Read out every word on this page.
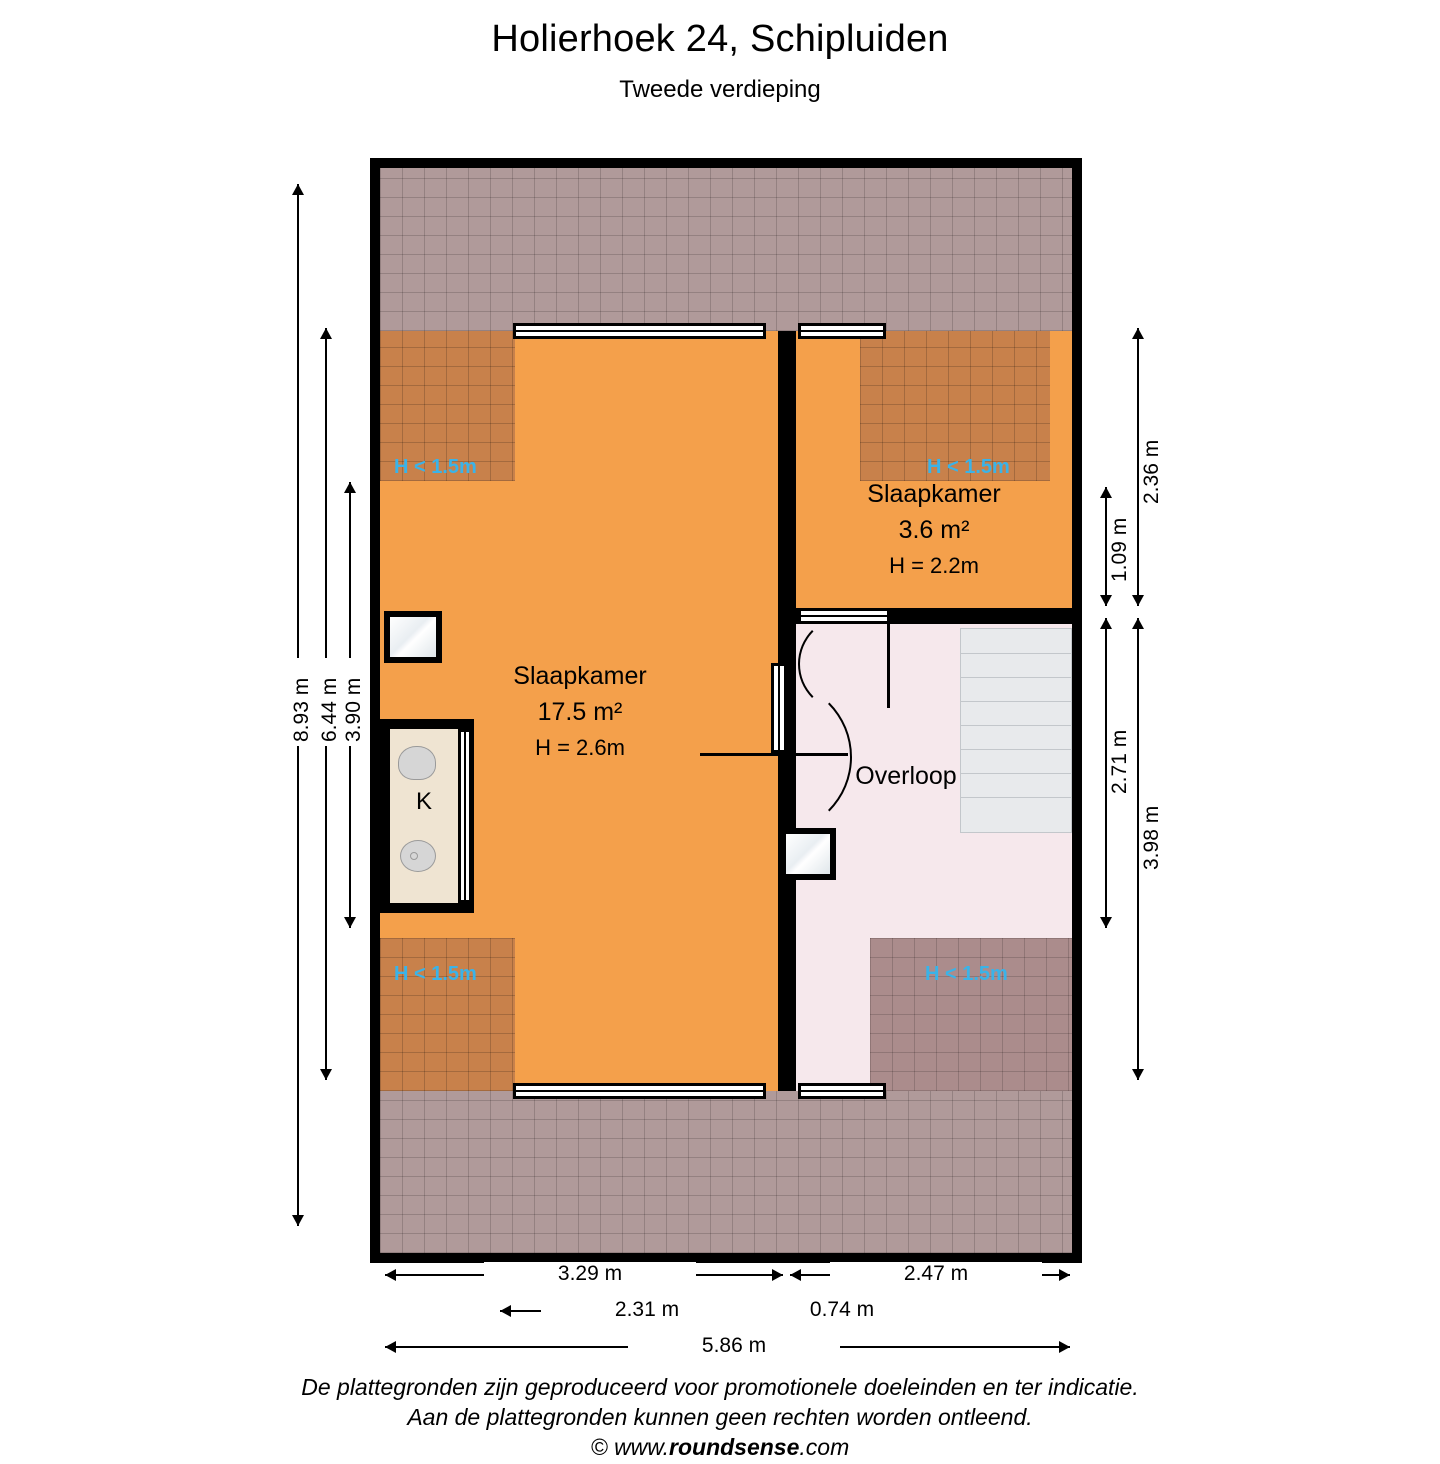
Holierhoek 24, Schipluiden
Tweede verdieping
K
Slaapkamer
17.5 m²
H = 2.6m
Slaapkamer
3.6 m²
H = 2.2m
Overloop
H < 1.5m	H < 1.5m
H < 1.5m	H < 1.5m
8.93 m 6.44 m 3.90 m
2.36 m
1.09 m
2.71 m
3.98 m
3.29 m	2.47 m
2.31 m	0.74 m
5.86 m
De plattegronden zijn geproduceerd voor promotionele doeleinden en ter indicatie.
Aan de plattegronden kunnen geen rechten worden ontleend.
© www.roundsense.com
